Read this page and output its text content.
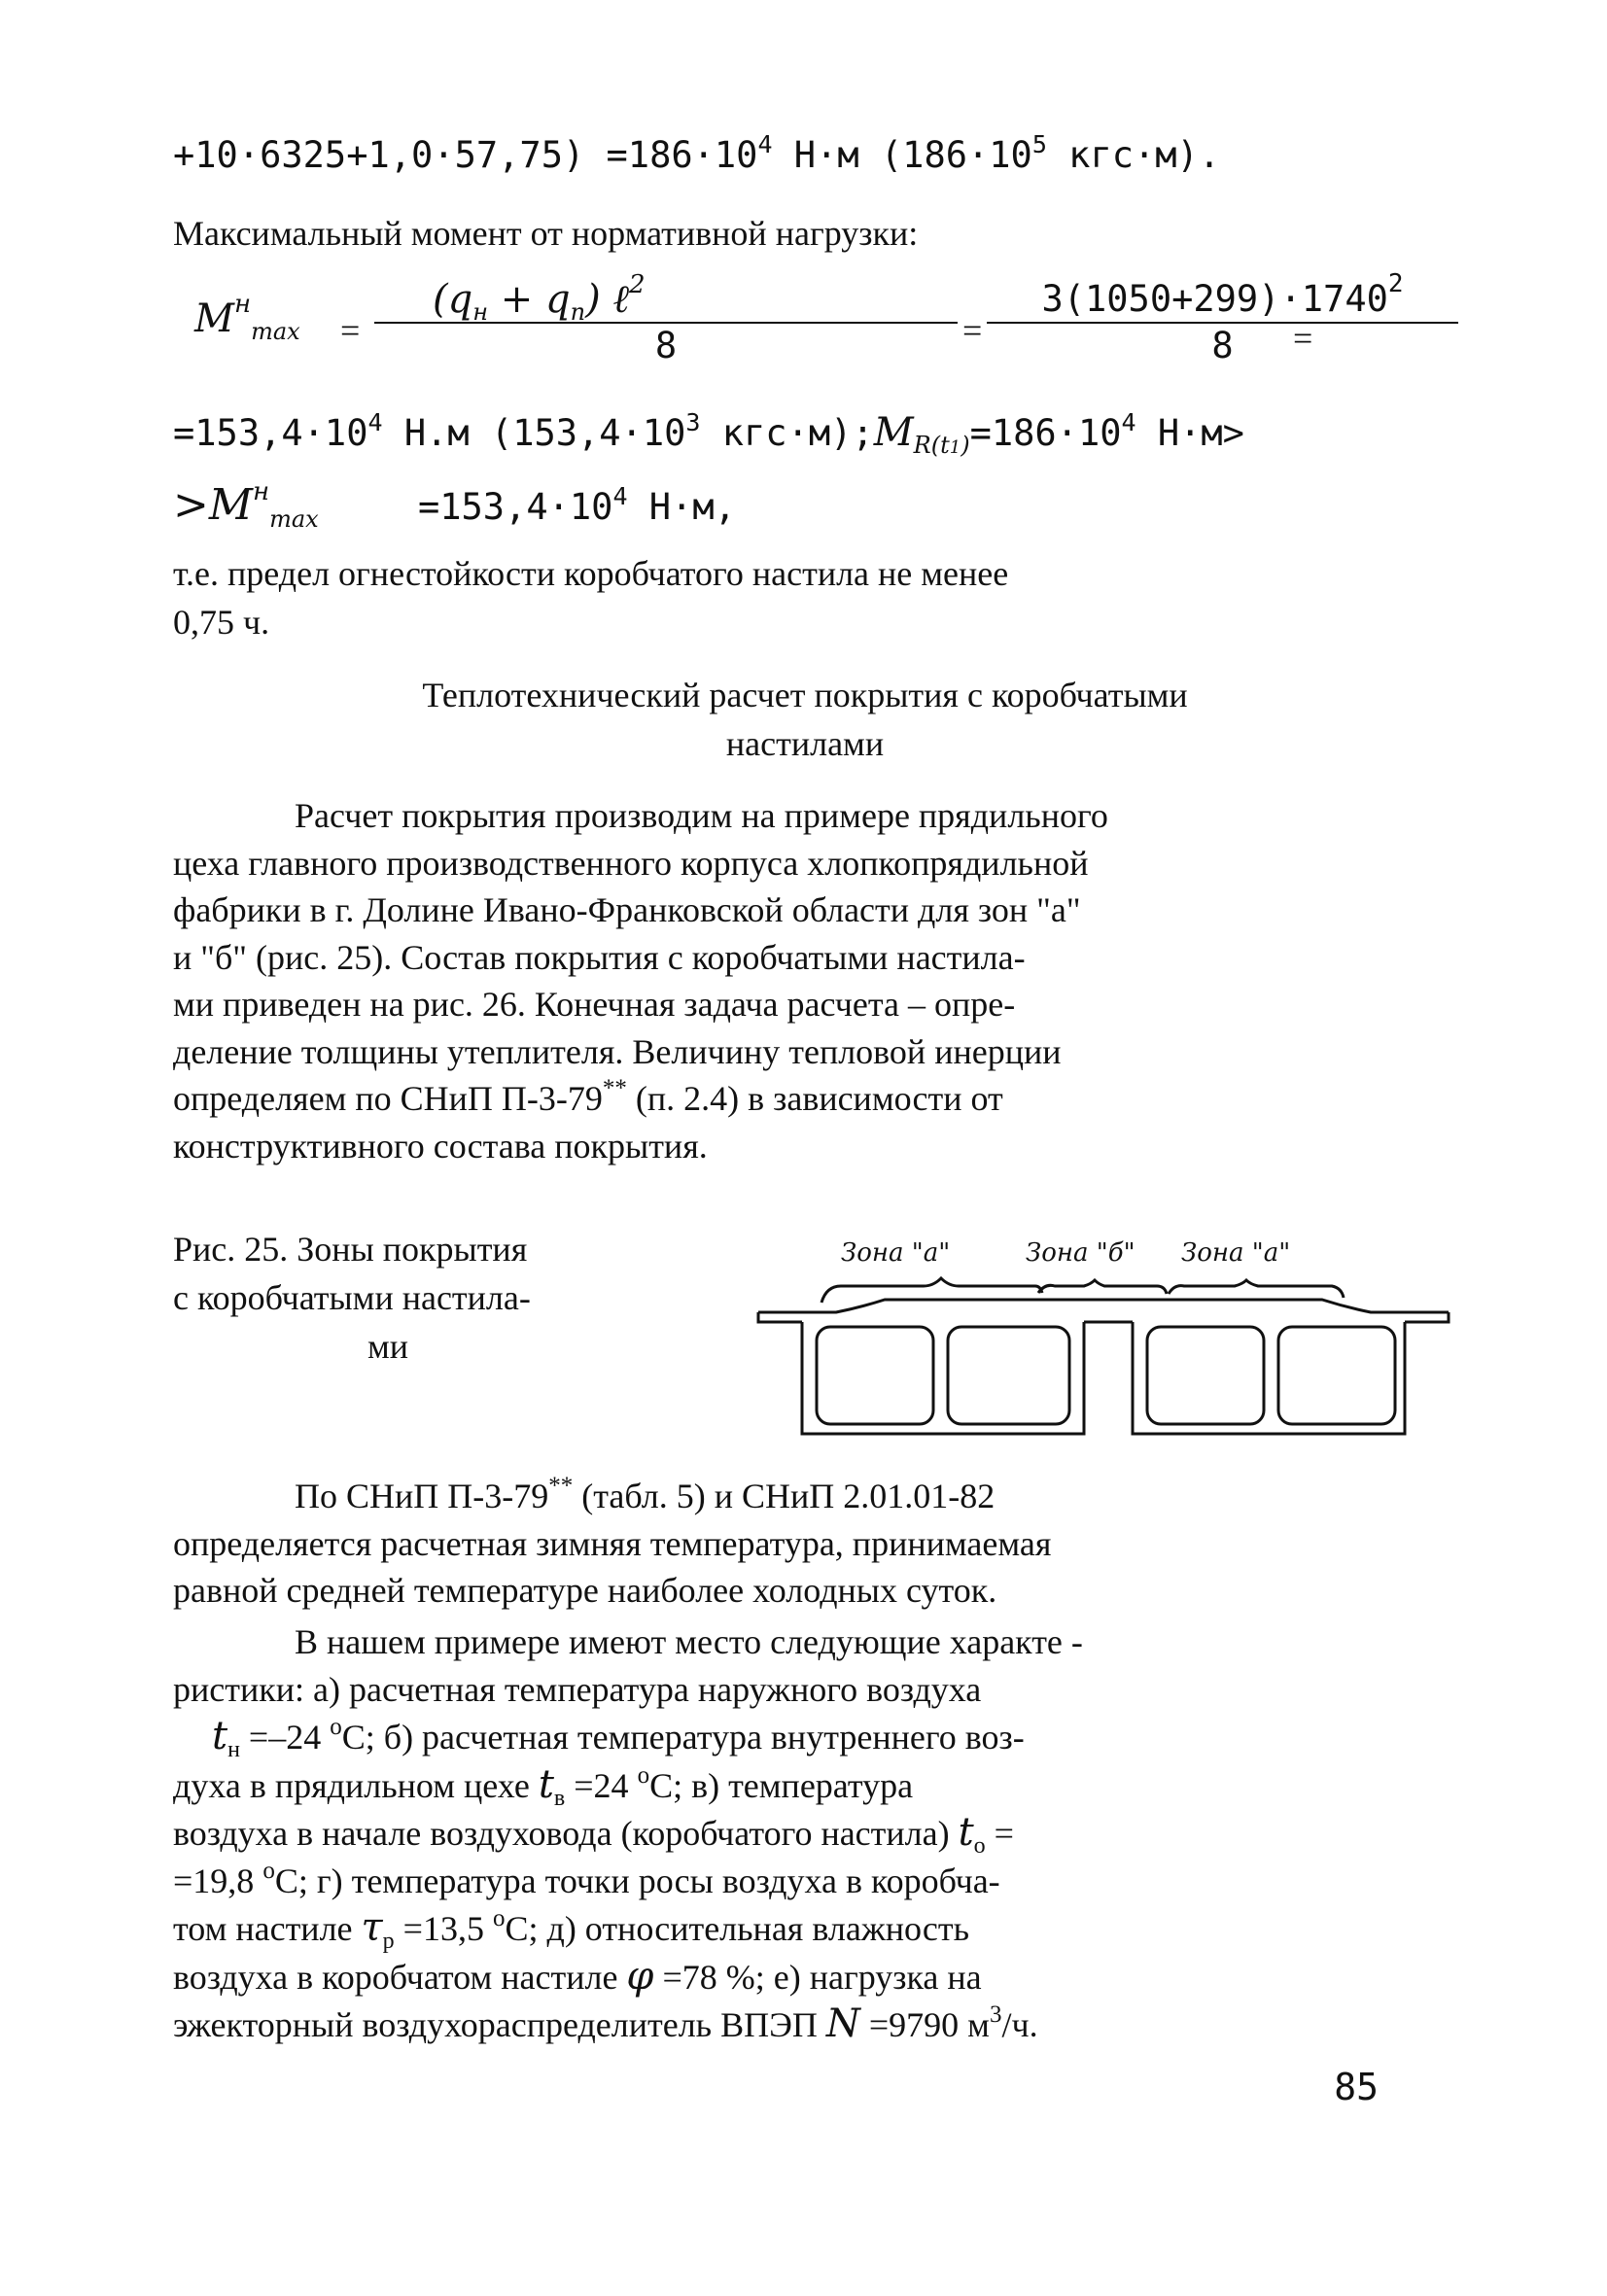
$+10\cdot 6325+1,0\cdot 57,75) =186\cdot 10^4$ Н·м ($186\cdot 10^5$ кгс·м).
Максимальный момент от нормативной нагрузки:
$M^н_{max}$ =
$(q_н + q_п)$ ℓ$^2$
8	= $\frac{3(1050+299)\cdot 1740^2}{8}$
=
$=153,4\cdot 10^4$ Н.м ($153,4\cdot 10^3$ $кгс\cdot м);M_{R(t1)}=186\cdot 10^4$ Н·м>
$>M^н_{max}$	$=153,4\cdot 10^4$ Н·м,
т.е. предел огнестойкости коробчатого настила не менее
0,75 ч.
Теплотехнический расчет покрытия с коробчатыми
настилами
Расчет покрытия производим на примере прядильного
цеха главного производственного корпуса хлопкопрядильной
фабрики в г. Долине Ивано-Франковской области для зон "а"
и "б" (рис. 25). Состав покрытия с коробчатыми настила-
ми приведен на рис. 26. Конечная задача расчета – опре-
деление толщины утеплителя. Величину тепловой инерции
определяем по СНиП П-3-79** (п. 2.4) в зависимости от
конструктивного состава покрытия.
Рис. 25. Зоны покрытия
с коробчатыми настила-
ми
Зона "а"	Зона "б" Зона "а"
По СНиП П-3-79** (табл. 5) и СНиП 2.01.01-82
определяется расчетная зимняя температура, принимаемая
равной средней температуре наиболее холодных суток.
В нашем примере имеют место следующие характе -
ристики: а) расчетная температура наружного воздуха
$t_н =-24$ $^о$С; б) расчетная температура внутреннего воз-
духа в прядильном цехе $t_в =24$ $^о$С; в) температура
воздуха в начале воздуховода (коробчатого настила) $t_о$ =
=19,8 $^о$С; г) температура точки росы воздуха в коробча-
том настиле $\tau_р =13,5$ $^о$С; д) относительная влажность
воздуха в коробчатом настиле φ =78 %; е) нагрузка на
эжекторный воздухораспределитель ВПЭП N =9790 $м^3/ч$.
85
